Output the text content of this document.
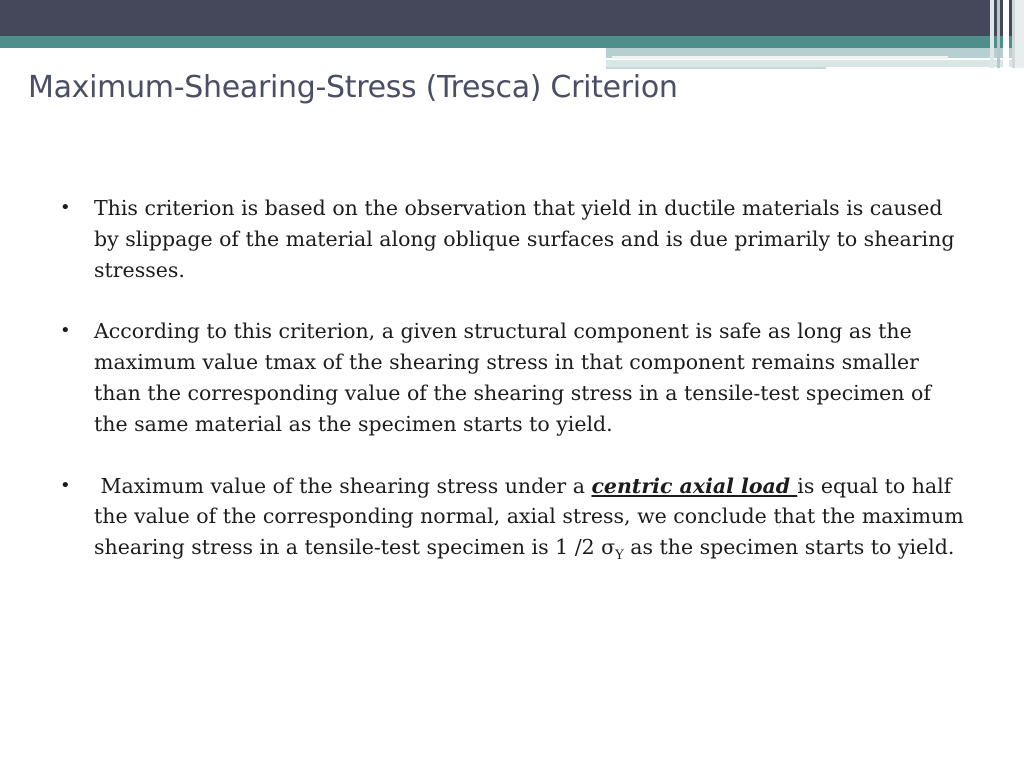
Maximum-Shearing-Stress (Tresca) Criterion
• This criterion is based on the observation that yield in ductile materials is caused by slippage of the material along oblique surfaces and is due primarily to shearing stresses.
• According to this criterion, a given structural component is safe as long as the maximum value tmax of the shearing stress in that component remains smaller than the corresponding value of the shearing stress in a tensile-test specimen of the same material as the specimen starts to yield.
• Maximum value of the shearing stress under a centric axial load is equal to half the value of the corresponding normal, axial stress, we conclude that the maximum shearing stress in a tensile-test specimen is 1 /2 $\sigma_Y$ as the specimen starts to yield.
